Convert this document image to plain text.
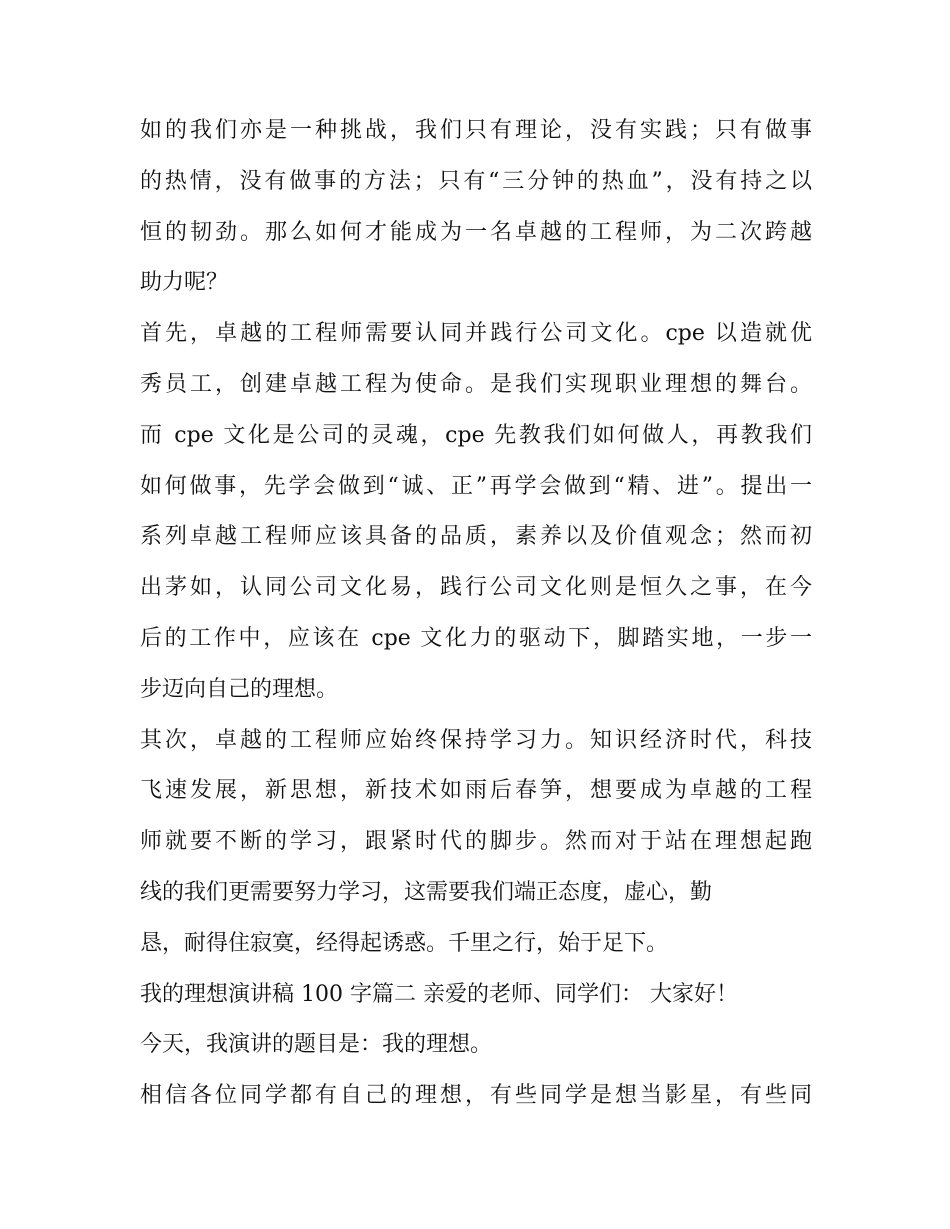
如的我们亦是一种挑战，我们只有理论，没有实践；只有做事
的热情，没有做事的方法；只有“三分钟的热血”，没有持之以
恒的韧劲。那么如何才能成为一名卓越的工程师，为二次跨越
助力呢？
首先，卓越的工程师需要认同并践行公司文化。cpe 以造就优
秀员工，创建卓越工程为使命。是我们实现职业理想的舞台。
而 cpe 文化是公司的灵魂，cpe 先教我们如何做人，再教我们
如何做事，先学会做到“诚、正”再学会做到“精、进”。提出一
系列卓越工程师应该具备的品质，素养以及价值观念；然而初
出茅如，认同公司文化易，践行公司文化则是恒久之事，在今
后的工作中，应该在 cpe 文化力的驱动下，脚踏实地，一步一
步迈向自己的理想。
其次，卓越的工程师应始终保持学习力。知识经济时代，科技
飞速发展，新思想，新技术如雨后春笋，想要成为卓越的工程
师就要不断的学习，跟紧时代的脚步。然而对于站在理想起跑
线的我们更需要努力学习，这需要我们端正态度，虚心，勤
恳，耐得住寂寞，经得起诱惑。千里之行，始于足下。
我的理想演讲稿 100 字篇二 亲爱的老师、同学们： 大家好！
今天，我演讲的题目是：我的理想。
相信各位同学都有自己的理想，有些同学是想当影星，有些同
